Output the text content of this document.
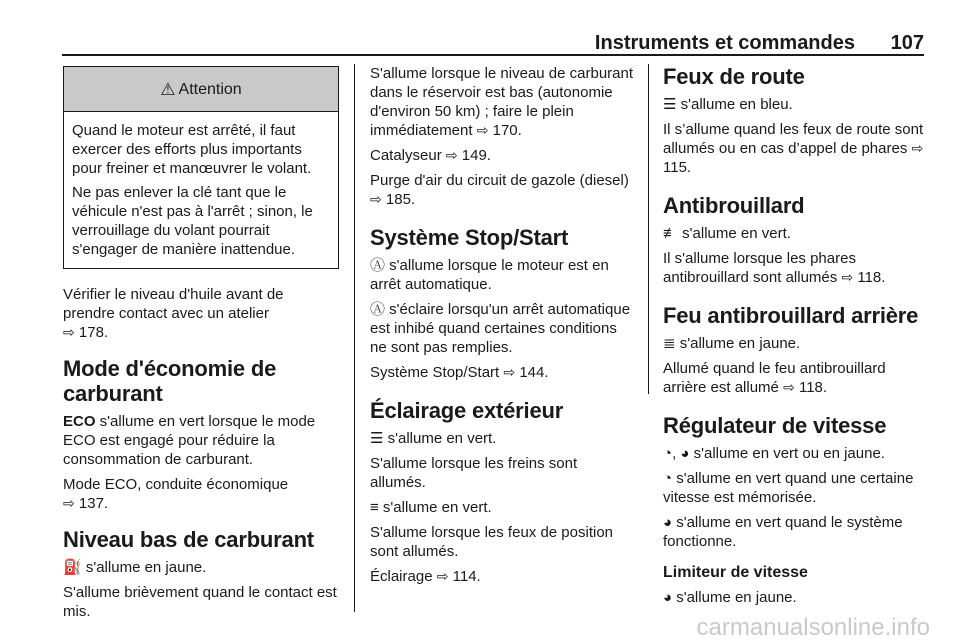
Instruments et commandes 107
⚠ Attention

Quand le moteur est arrêté, il faut exercer des efforts plus importants pour freiner et manœuvrer le volant.

Ne pas enlever la clé tant que le véhicule n'est pas à l'arrêt ; sinon, le verrouillage du volant pourrait s'engager de manière inattendue.

Vérifier le niveau d'huile avant de prendre contact avec un atelier
⇨ 178.

Mode d'économie de carburant

ECO s'allume en vert lorsque le mode ECO est engagé pour réduire la consommation de carburant.

Mode ECO, conduite économique
⇨ 137.

Niveau bas de carburant

⛽ s'allume en jaune.

S'allume brièvement quand le contact est mis.

S'allume lorsque le niveau de carburant dans le réservoir est bas (autonomie d'environ 50 km) ; faire le plein immédiatement ⇨ 170.

Catalyseur ⇨ 149.

Purge d'air du circuit de gazole (diesel) ⇨ 185.

Système Stop/Start

Ⓐ s'allume lorsque le moteur est en arrêt automatique.

Ⓐ s'éclaire lorsqu'un arrêt automatique est inhibé quand certaines conditions ne sont pas remplies.

Système Stop/Start ⇨ 144.

Éclairage extérieur

☰ s'allume en vert.

S'allume lorsque les freins sont allumés.

≡ s'allume en vert.

S'allume lorsque les feux de position sont allumés.

Éclairage ⇨ 114.

Feux de route

☰ s'allume en bleu.

Il s’allume quand les feux de route sont allumés ou en cas d’appel de phares ⇨ 115.

Antibrouillard

≢ s'allume en vert.

Il s'allume lorsque les phares antibrouillard sont allumés ⇨ 118.

Feu antibrouillard arrière

≣ s'allume en jaune.

Allumé quand le feu antibrouillard arrière est allumé ⇨ 118.

Régulateur de vitesse

◔, ◕ s'allume en vert ou en jaune.

◔ s'allume en vert quand une certaine vitesse est mémorisée.

◕ s'allume en vert quand le système fonctionne.

Limiteur de vitesse

◕ s'allume en jaune.

carmanualsonline.info
